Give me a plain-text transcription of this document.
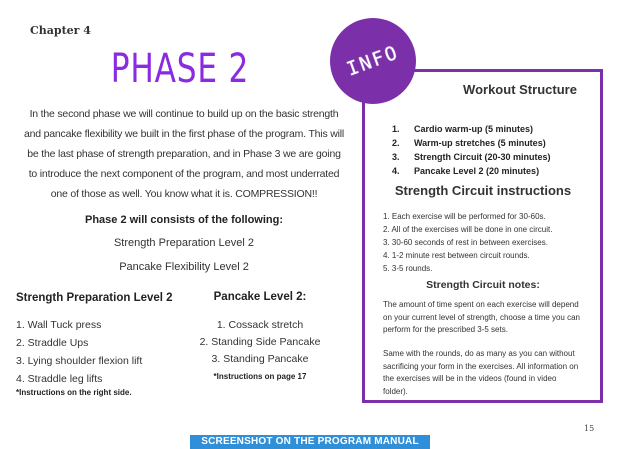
Chapter 4
PHASE 2
In the second phase we will continue to build up on the basic strength and pancake flexibility we built in the first phase of the program. This will be the last phase of strength preparation, and in Phase 3 we are going to introduce the next component of the program, and most underrated one of those as well. You know what it is. COMPRESSION!!
Phase 2 will consists of the following:
Strength Preparation Level 2
Pancake Flexibility Level 2
Strength Preparation Level 2
1. Wall Tuck press
2. Straddle Ups
3. Lying shoulder flexion lift
4. Straddle leg lifts
*Instructions on the right side.
Pancake Level 2:
1. Cossack stretch
2. Standing Side Pancake
3. Standing Pancake
*Instructions on page 17
INFO
Workout Structure
1. Cardio warm-up (5 minutes)
2. Warm-up stretches (5 minutes)
3. Strength Circuit (20-30 minutes)
4. Pancake Level 2 (20 minutes)
Strength Circuit instructions
1. Each exercise will be performed for 30-60s.
2. All of the exercises will be done in one circuit.
3. 30-60 seconds of rest in between exercises.
4. 1-2 minute rest between circuit rounds.
5. 3-5 rounds.
Strength Circuit notes:

The amount of time spent on each exercise will depend on your current level of strength, choose a time you can perform for the prescribed 3-5 sets.

Same with the rounds, do as many as you can without sacrificing your form in the exercises. All information on the exercises will be in the videos (found in video folder).

15
SCREENSHOT ON THE PROGRAM MANUAL
